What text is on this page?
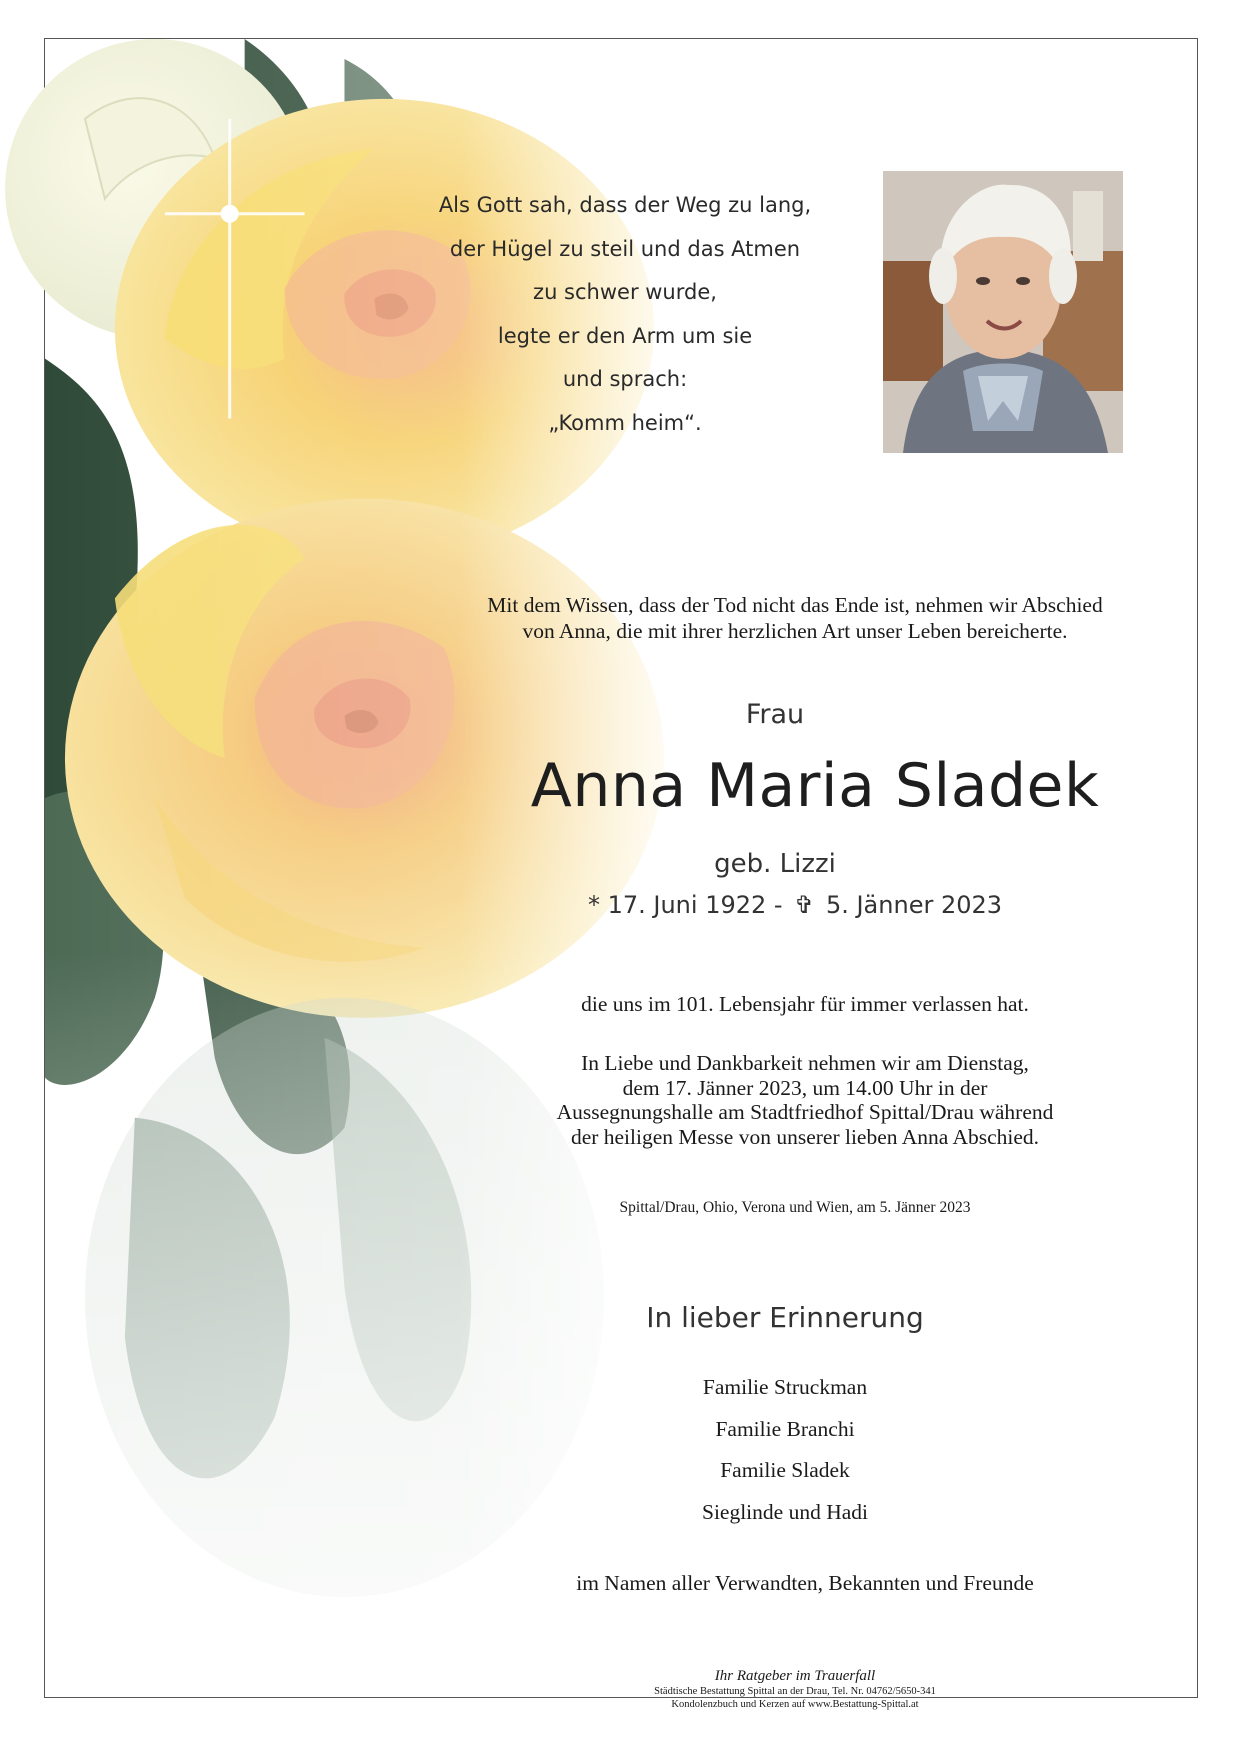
Als Gott sah, dass der Weg zu lang,
der Hügel zu steil und das Atmen
zu schwer wurde,
legte er den Arm um sie
und sprach:
„Komm heim“.
Mit dem Wissen, dass der Tod nicht das Ende ist, nehmen wir Abschied
von Anna, die mit ihrer herzlichen Art unser Leben bereicherte.
Frau
Anna Maria Sladek
geb. Lizzi
* 17. Juni 1922 - ✞ 5. Jänner 2023
die uns im 101. Lebensjahr für immer verlassen hat.
In Liebe und Dankbarkeit nehmen wir am Dienstag,
dem 17. Jänner 2023, um 14.00 Uhr in der
Aussegnungshalle am Stadtfriedhof Spittal/Drau während
der heiligen Messe von unserer lieben Anna Abschied.
Spittal/Drau, Ohio, Verona und Wien, am 5. Jänner 2023
In lieber Erinnerung
Familie Struckman
Familie Branchi
Familie Sladek
Sieglinde und Hadi
im Namen aller Verwandten, Bekannten und Freunde
Ihr Ratgeber im Trauerfall
Städtische Bestattung Spittal an der Drau, Tel. Nr. 04762/5650-341
Kondolenzbuch und Kerzen auf www.Bestattung-Spittal.at
